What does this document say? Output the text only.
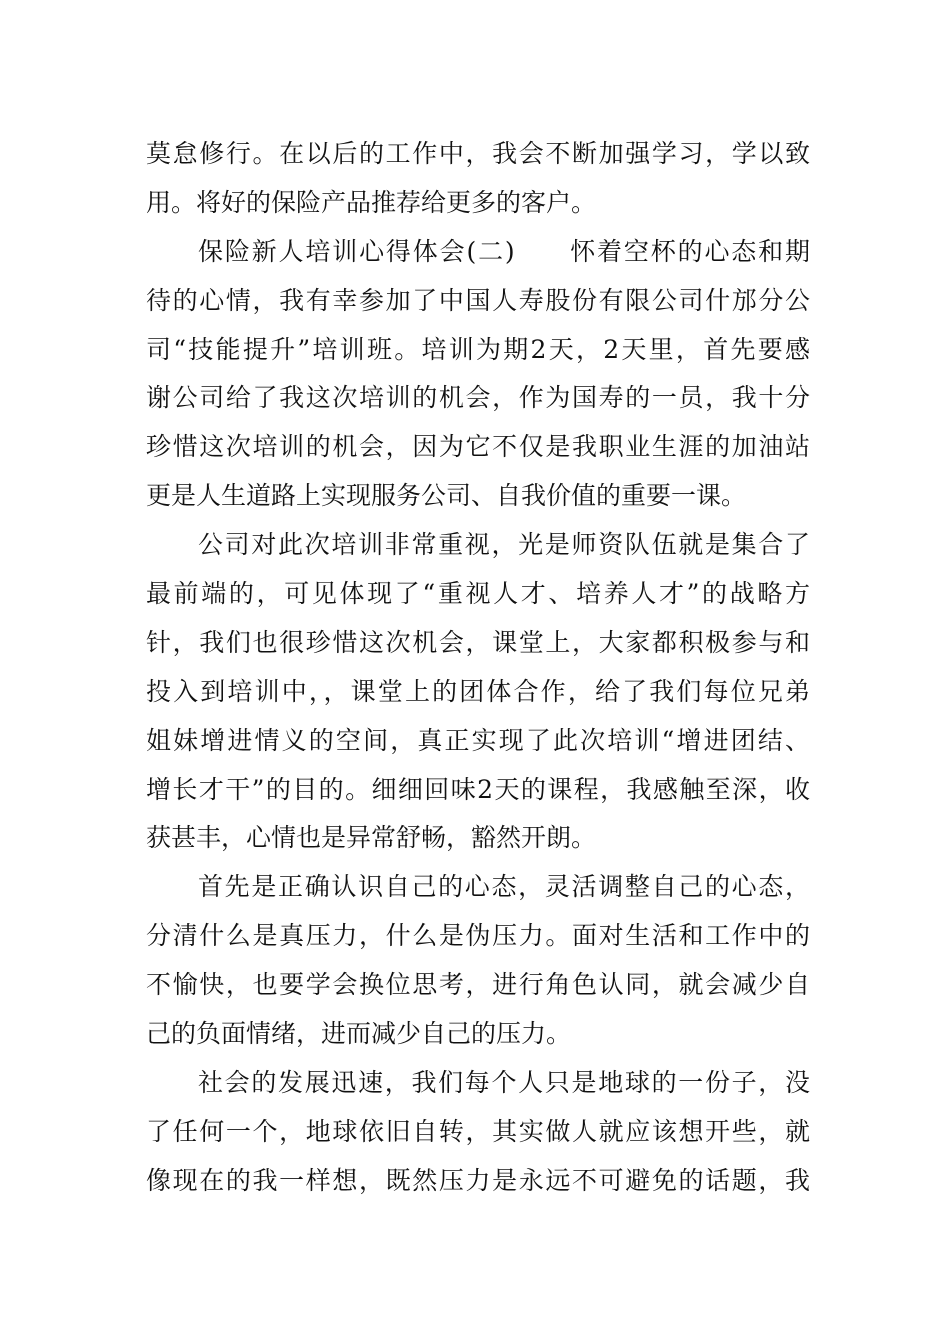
莫怠修行。在以后的工作中，我会不断加强学习，学以致
用。将好的保险产品推荐给更多的客户。
保险新人培训心得体会(二)　　怀着空杯的心态和期
待的心情，我有幸参加了中国人寿股份有限公司什邡分公
司“技能提升”培训班。培训为期2天，2天里，首先要感
谢公司给了我这次培训的机会，作为国寿的一员，我十分
珍惜这次培训的机会，因为它不仅是我职业生涯的加油站
更是人生道路上实现服务公司、自我价值的重要一课。
公司对此次培训非常重视，光是师资队伍就是集合了
最前端的，可见体现了“重视人才、培养人才”的战略方
针，我们也很珍惜这次机会，课堂上，大家都积极参与和
投入到培训中，，课堂上的团体合作，给了我们每位兄弟
姐妹增进情义的空间，真正实现了此次培训“增进团结、
增长才干”的目的。细细回味2天的课程，我感触至深，收
获甚丰，心情也是异常舒畅，豁然开朗。
首先是正确认识自己的心态，灵活调整自己的心态，
分清什么是真压力，什么是伪压力。面对生活和工作中的
不愉快，也要学会换位思考，进行角色认同，就会减少自
己的负面情绪，进而减少自己的压力。
社会的发展迅速，我们每个人只是地球的一份子，没
了任何一个，地球依旧自转，其实做人就应该想开些，就
像现在的我一样想，既然压力是永远不可避免的话题，我
